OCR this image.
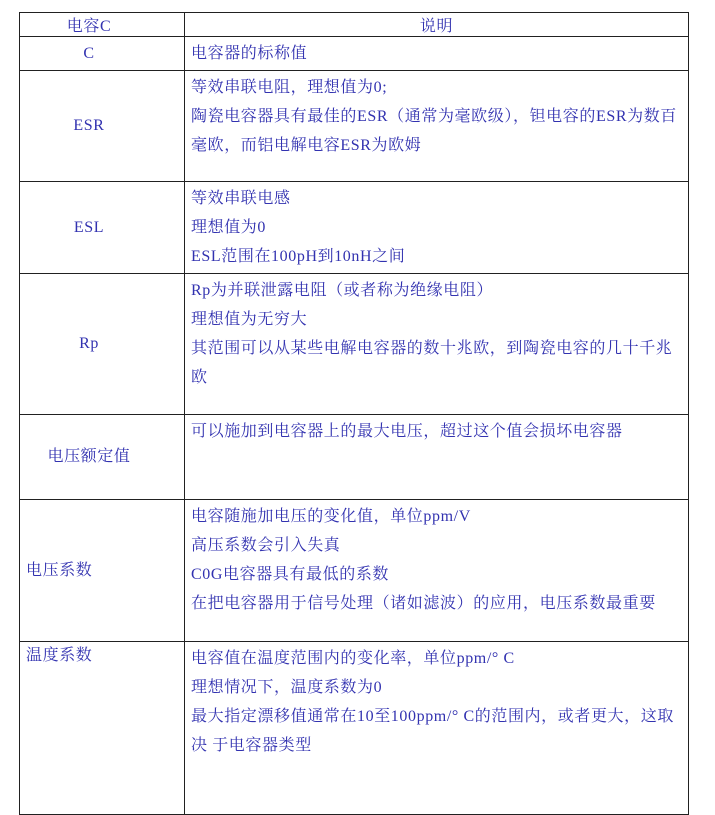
电容C	说明
C	电容器的标称值

ESR	等效串联电阻，理想值为0;

陶瓷电容器具有最佳的ESR（通常为毫欧级），钽电容的ESR为数百毫欧，而铝电解电容ESR为欧姆

ESL	等效串联电感

理想值为0

ESL范围在100pH到10nH之间

Rp	Rp为并联泄露电阻（或者称为绝缘电阻）

理想值为无穷大

其范围可以从某些电解电容器的数十兆欧，到陶瓷电容的几十千兆欧

电压额定值	可以施加到电容器上的最大电压，超过这个值会损坏电容器

电压系数	电容随施加电压的变化值，单位ppm/V

高压系数会引入失真

C0G电容器具有最低的系数

在把电容器用于信号处理（诸如滤波）的应用，电压系数最重要

温度系数	电容值在温度范围内的变化率，单位ppm/° C

理想情况下，温度系数为0

最大指定漂移值通常在10至100ppm/° C的范围内，或者更大，这取决 于电容器类型
